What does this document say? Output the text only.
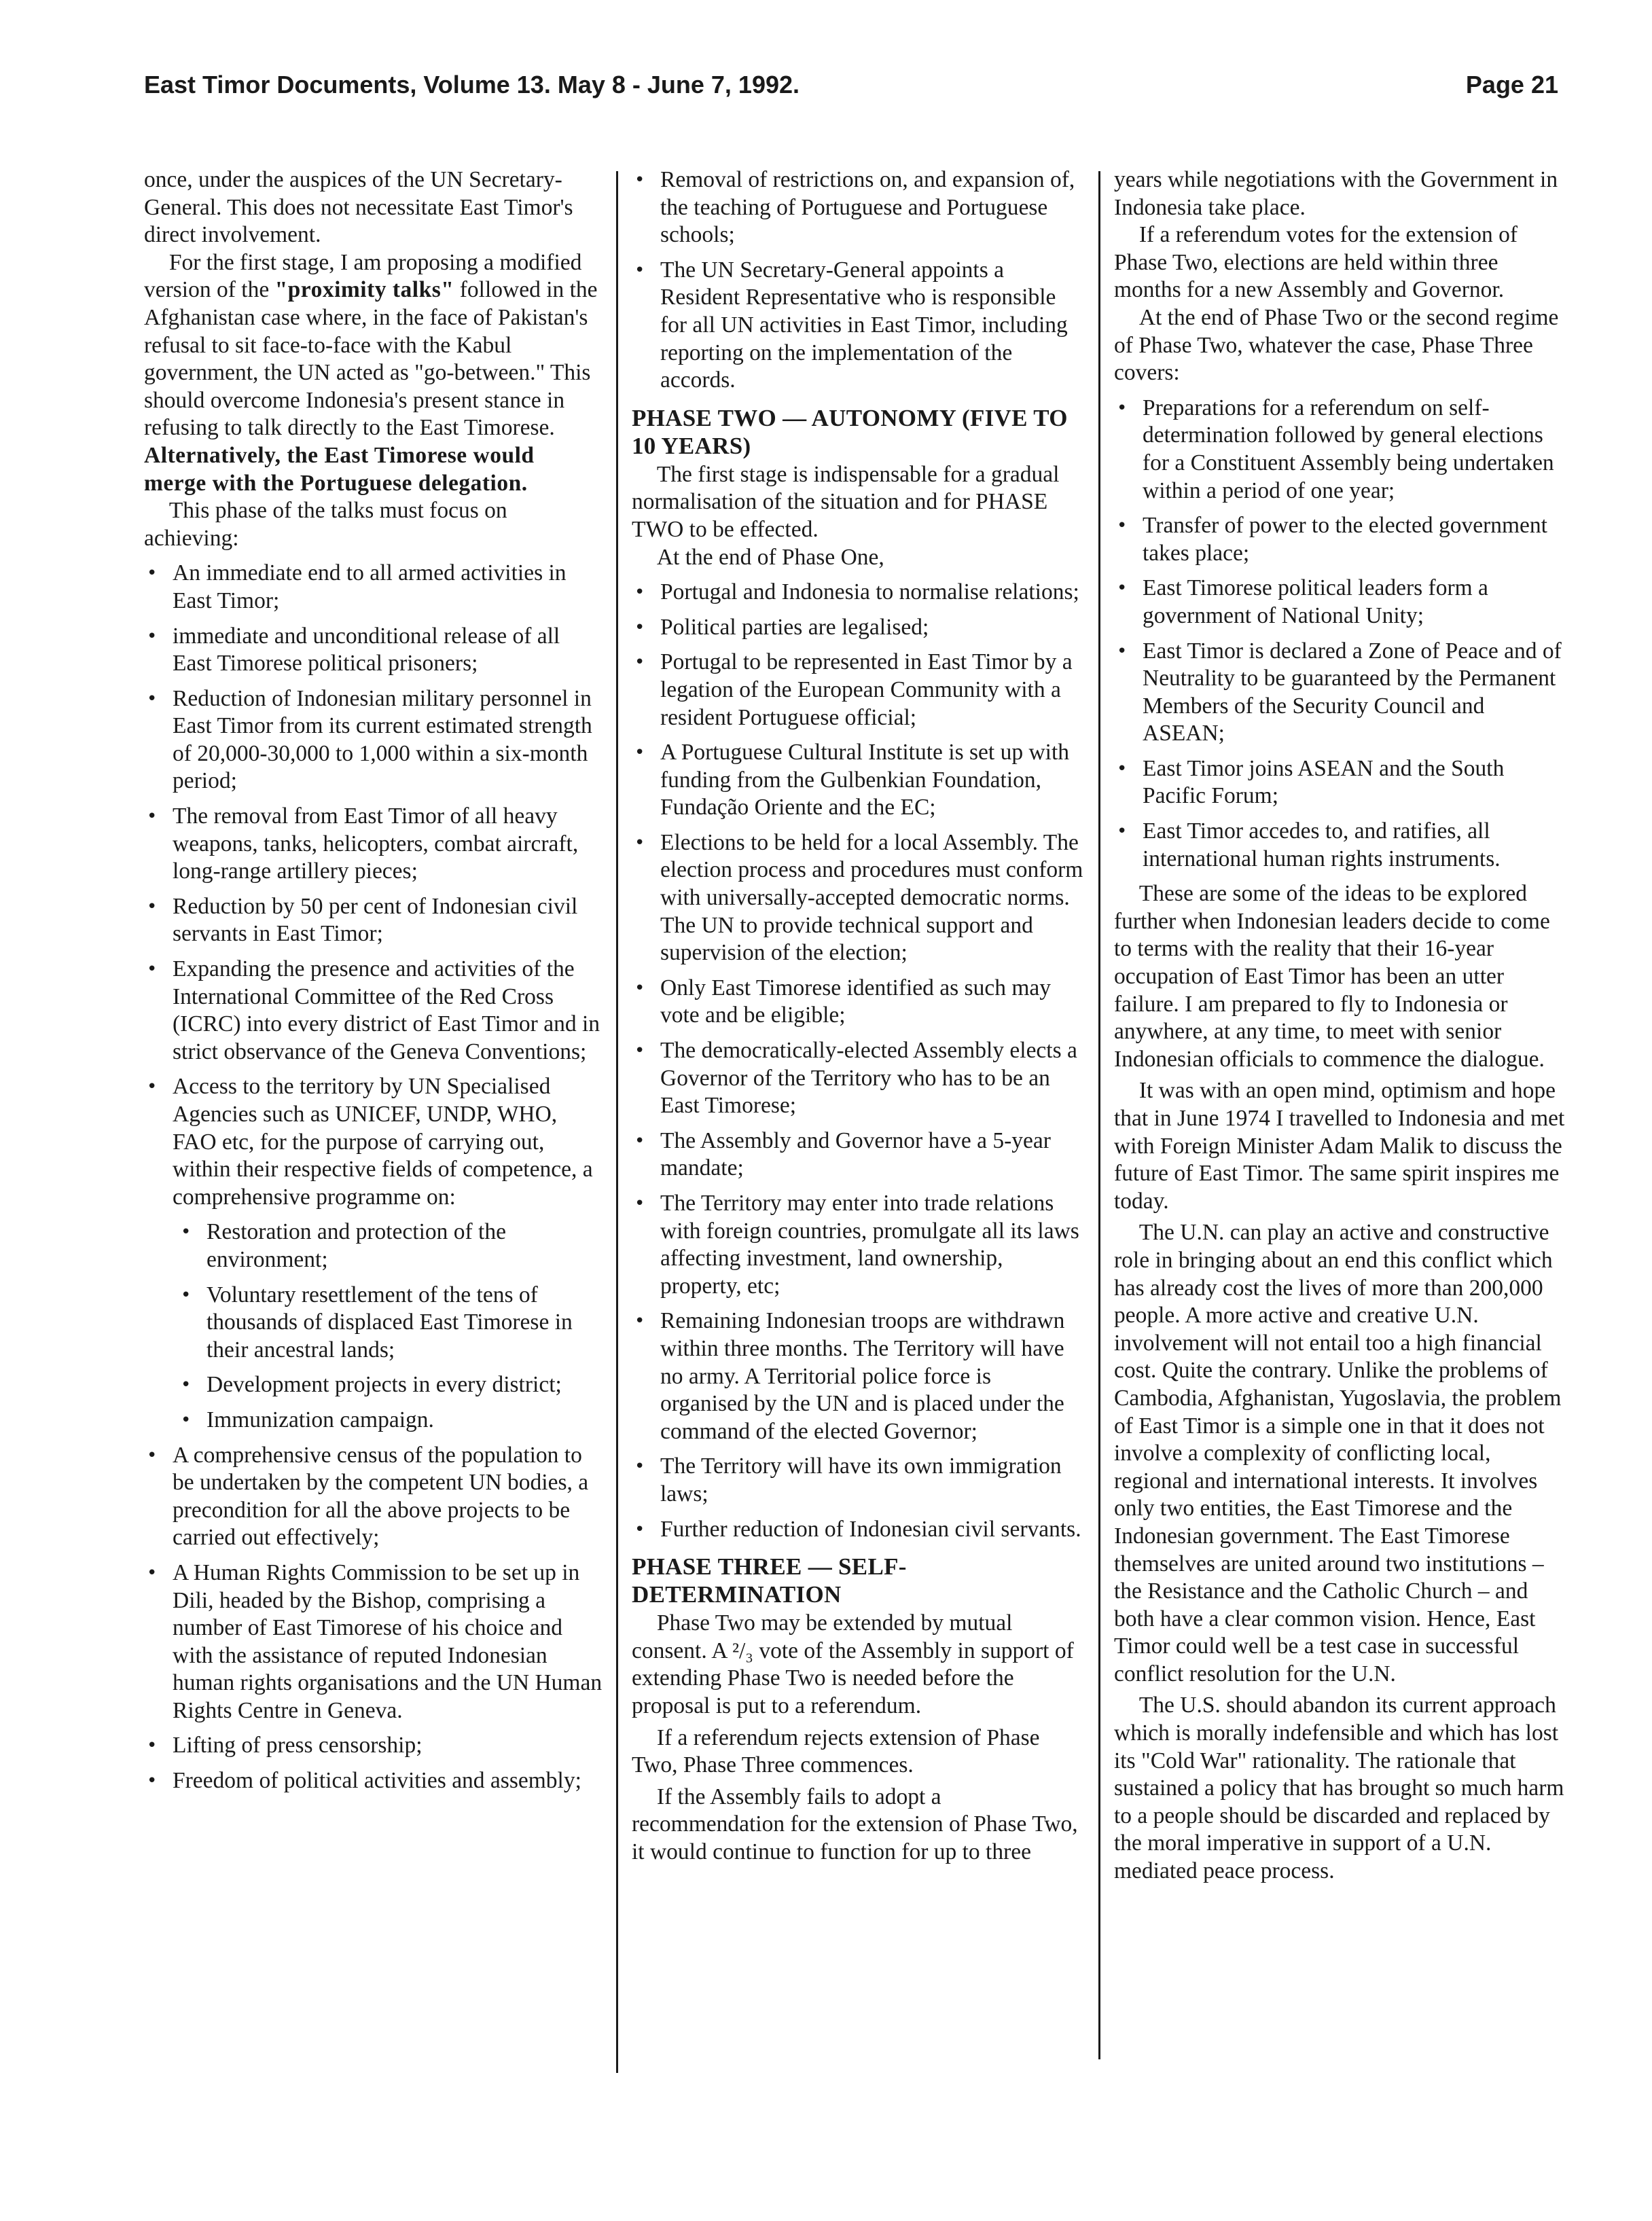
East Timor Documents, Volume 13. May 8 - June 7, 1992.	Page 21

once, under the auspices of the UN Secretary-General. This does not necessitate East Timor's direct involvement.

For the first stage, I am proposing a modified version of the "proximity talks" followed in the Afghanistan case where, in the face of Pakistan's refusal to sit face-to-face with the Kabul government, the UN acted as "go-between." This should overcome Indonesia's present stance in refusing to talk directly to the East Timorese. Alternatively, the East Timorese would merge with the Portuguese delegation.

This phase of the talks must focus on achieving:

• An immediate end to all armed activities in East Timor;
• immediate and unconditional release of all East Timorese political prisoners;
• Reduction of Indonesian military personnel in East Timor from its current estimated strength of 20,000-30,000 to 1,000 within a six-month period;
• The removal from East Timor of all heavy weapons, tanks, helicopters, combat aircraft, long-range artillery pieces;
• Reduction by 50 per cent of Indonesian civil servants in East Timor;
• Expanding the presence and activities of the International Committee of the Red Cross (ICRC) into every district of East Timor and in strict observance of the Geneva Conventions;
• Access to the territory by UN Specialised Agencies such as UNICEF, UNDP, WHO, FAO etc, for the purpose of carrying out, within their respective fields of competence, a comprehensive programme on:
• Restoration and protection of the environment;
• Voluntary resettlement of the tens of thousands of displaced East Timorese in their ancestral lands;
• Development projects in every district;
• Immunization campaign.
• A comprehensive census of the population to be undertaken by the competent UN bodies, a precondition for all the above projects to be carried out effectively;
• A Human Rights Commission to be set up in Dili, headed by the Bishop, comprising a number of East Timorese of his choice and with the assistance of reputed Indonesian human rights organisations and the UN Human Rights Centre in Geneva.
• Lifting of press censorship;
• Freedom of political activities and assembly;
• Removal of restrictions on, and expansion of, the teaching of Portuguese and Portuguese schools;
• The UN Secretary-General appoints a Resident Representative who is responsible for all UN activities in East Timor, including reporting on the implementation of the accords.
PHASE TWO — AUTONOMY (FIVE TO 10 YEARS)

The first stage is indispensable for a gradual normalisation of the situation and for PHASE TWO to be effected.

At the end of Phase One,

• Portugal and Indonesia to normalise relations;
• Political parties are legalised;
• Portugal to be represented in East Timor by a legation of the European Community with a resident Portuguese official;
• A Portuguese Cultural Institute is set up with funding from the Gulbenkian Foundation, Fundação Oriente and the EC;
• Elections to be held for a local Assembly. The election process and procedures must conform with universally-accepted democratic norms. The UN to provide technical support and supervision of the election;
• Only East Timorese identified as such may vote and be eligible;
• The democratically-elected Assembly elects a Governor of the Territory who has to be an East Timorese;
• The Assembly and Governor have a 5-year mandate;
• The Territory may enter into trade relations with foreign countries, promulgate all its laws affecting investment, land ownership, property, etc;
• Remaining Indonesian troops are withdrawn within three months. The Territory will have no army. A Territorial police force is organised by the UN and is placed under the command of the elected Governor;
• The Territory will have its own immigration laws;
• Further reduction of Indonesian civil servants.
PHASE THREE — SELF-DETERMINATION

Phase Two may be extended by mutual consent. A ²/₃ vote of the Assembly in support of extending Phase Two is needed before the proposal is put to a referendum.

If a referendum rejects extension of Phase Two, Phase Three commences.

If the Assembly fails to adopt a recommendation for the extension of Phase Two, it would continue to function for up to three

years while negotiations with the Government in Indonesia take place.

If a referendum votes for the extension of Phase Two, elections are held within three months for a new Assembly and Governor.

At the end of Phase Two or the second regime of Phase Two, whatever the case, Phase Three covers:

• Preparations for a referendum on self-determination followed by general elections for a Constituent Assembly being undertaken within a period of one year;
• Transfer of power to the elected government takes place;
• East Timorese political leaders form a government of National Unity;
• East Timor is declared a Zone of Peace and of Neutrality to be guaranteed by the Permanent Members of the Security Council and ASEAN;
• East Timor joins ASEAN and the South Pacific Forum;
• East Timor accedes to, and ratifies, all international human rights instruments.

These are some of the ideas to be explored further when Indonesian leaders decide to come to terms with the reality that their 16-year occupation of East Timor has been an utter failure. I am prepared to fly to Indonesia or anywhere, at any time, to meet with senior Indonesian officials to commence the dialogue.

It was with an open mind, optimism and hope that in June 1974 I travelled to Indonesia and met with Foreign Minister Adam Malik to discuss the future of East Timor. The same spirit inspires me today.

The U.N. can play an active and constructive role in bringing about an end this conflict which has already cost the lives of more than 200,000 people. A more active and creative U.N. involvement will not entail too a high financial cost. Quite the contrary. Unlike the problems of Cambodia, Afghanistan, Yugoslavia, the problem of East Timor is a simple one in that it does not involve a complexity of conflicting local, regional and international interests. It involves only two entities, the East Timorese and the Indonesian government. The East Timorese themselves are united around two institutions – the Resistance and the Catholic Church – and both have a clear common vision. Hence, East Timor could well be a test case in successful conflict resolution for the U.N.

The U.S. should abandon its current approach which is morally indefensible and which has lost its "Cold War" rationality. The rationale that sustained a policy that has brought so much harm to a people should be discarded and replaced by the moral imperative in support of a U.N. mediated peace process.
